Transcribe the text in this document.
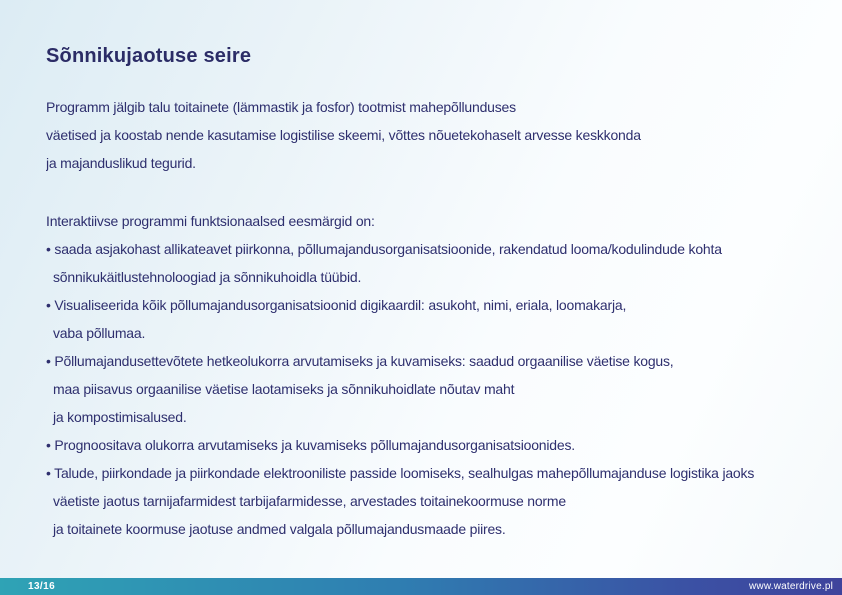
Sõnnikujaotuse seire
Programm jälgib talu toitainete (lämmastik ja fosfor) tootmist mahepõllunduses
väetised ja koostab nende kasutamise logistilise skeemi, võttes nõuetekohaselt arvesse keskkonda
ja majanduslikud tegurid.
Interaktiivse programmi funktsionaalsed eesmärgid on:
• saada asjakohast allikateavet piirkonna, põllumajandusorganisatsioonide, rakendatud looma/kodulindude kohta
sõnnikukäitlustehnoloogiad ja sõnnikuhoidla tüübid.
• Visualiseerida kõik põllumajandusorganisatsioonid digikaardil: asukoht, nimi, eriala, loomakarja,
vaba põllumaa.
• Põllumajandusettevõtete hetkeolukorra arvutamiseks ja kuvamiseks: saadud orgaanilise väetise kogus,
maa piisavus orgaanilise väetise laotamiseks ja sõnnikuhoidlate nõutav maht
ja kompostimisalused.
• Prognoositava olukorra arvutamiseks ja kuvamiseks põllumajandusorganisatsioonides.
• Talude, piirkondade ja piirkondade elektrooniliste passide loomiseks, sealhulgas mahepõllumajanduse logistika jaoks
väetiste jaotus tarnijafarmidest tarbijafarmidesse, arvestades toitainekoormuse norme
ja toitainete koormuse jaotuse andmed valgala põllumajandusmaade piires.
13/16	www.waterdrive.pl
